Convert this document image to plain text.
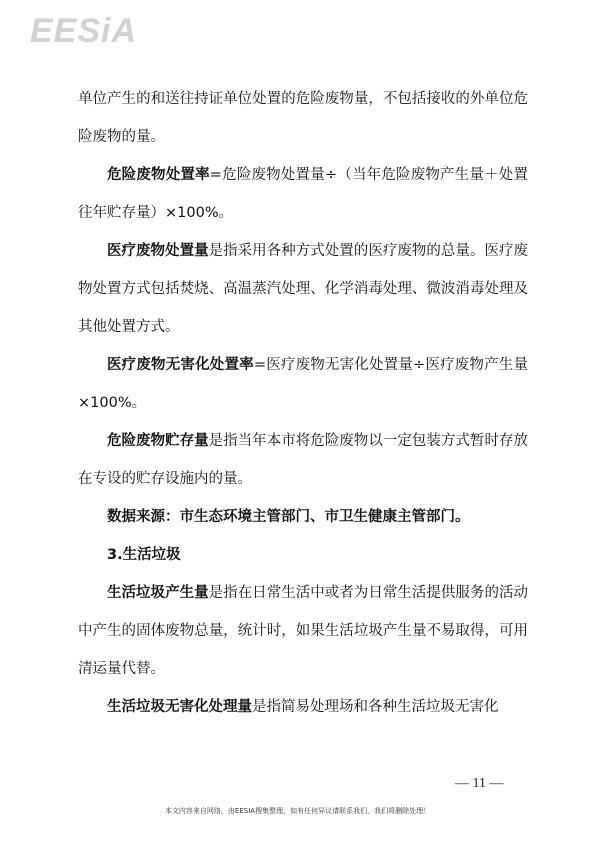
EESiA

单位产生的和送往持证单位处置的危险废物量，不包括接收的外单位危险废物的量。

危险废物处置率=危险废物处置量÷（当年危险废物产生量＋处置往年贮存量）×100%。

医疗废物处置量是指采用各种方式处置的医疗废物的总量。医疗废物处置方式包括焚烧、高温蒸汽处理、化学消毒处理、微波消毒处理及其他处置方式。

医疗废物无害化处置率=医疗废物无害化处置量÷医疗废物产生量×100%。

危险废物贮存量是指当年本市将危险废物以一定包装方式暂时存放在专设的贮存设施内的量。

数据来源：市生态环境主管部门、市卫生健康主管部门。

3.生活垃圾

生活垃圾产生量是指在日常生活中或者为日常生活提供服务的活动中产生的固体废物总量，统计时，如果生活垃圾产生量不易取得，可用清运量代替。

生活垃圾无害化处理量是指简易处理场和各种生活垃圾无害化

— 11 —
本文内容来自网络，由EESIA搜集整理，如有任何异议请联系我们，我们将删除处理！
